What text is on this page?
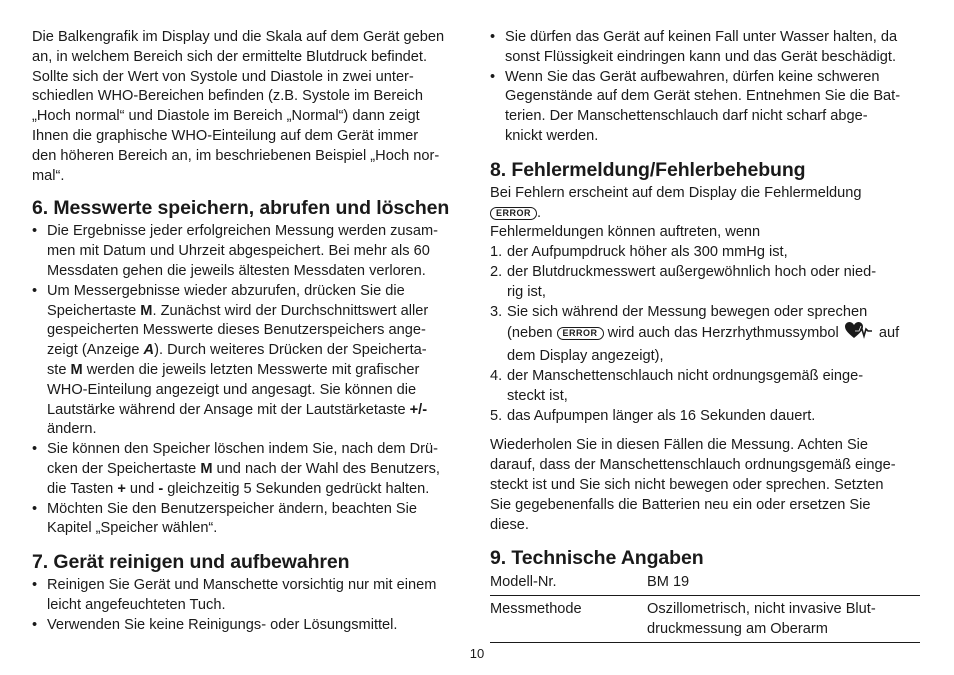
Die Balkengrafik im Display und die Skala auf dem Gerät geben
an, in welchem Bereich sich der ermittelte Blutdruck befindet.
Sollte sich der Wert von Systole und Diastole in zwei unter-
schiedlen WHO-Bereichen befinden (z.B. Systole im Bereich
„Hoch normal“ und Diastole im Bereich „Normal“) dann zeigt
Ihnen die graphische WHO-Einteilung auf dem Gerät immer
den höheren Bereich an, im beschriebenen Beispiel „Hoch nor-
mal“.

6. Messwerte speichern, abrufen und löschen
• Die Ergebnisse jeder erfolgreichen Messung werden zusam-
men mit Datum und Uhrzeit abgespeichert. Bei mehr als 60
Messdaten gehen die jeweils ältesten Messdaten verloren.
• Um Messergebnisse wieder abzurufen, drücken Sie die
Speichertaste M. Zunächst wird der Durchschnittswert aller
gespeicherten Messwerte dieses Benutzerspeichers ange-
zeigt (Anzeige A). Durch weiteres Drücken der Speicherta-
ste M werden die jeweils letzten Messwerte mit grafischer
WHO-Einteilung angezeigt und angesagt. Sie können die
Lautstärke während der Ansage mit der Lautstärketaste +/-
ändern.
• Sie können den Speicher löschen indem Sie, nach dem Drü-
cken der Speichertaste M und nach der Wahl des Benutzers,
die Tasten + und - gleichzeitig 5 Sekunden gedrückt halten.
• Möchten Sie den Benutzerspeicher ändern, beachten Sie
Kapitel „Speicher wählen“.
7. Gerät reinigen und aufbewahren
• Reinigen Sie Gerät und Manschette vorsichtig nur mit einem
leicht angefeuchteten Tuch.
• Verwenden Sie keine Reinigungs- oder Lösungsmittel.
• Sie dürfen das Gerät auf keinen Fall unter Wasser halten, da
sonst Flüssigkeit eindringen kann und das Gerät beschädigt.
• Wenn Sie das Gerät aufbewahren, dürfen keine schweren
Gegenstände auf dem Gerät stehen. Entnehmen Sie die Bat-
terien. Der Manschettenschlauch darf nicht scharf abge-
knickt werden.
8. Fehlermeldung/Fehlerbehebung

Bei Fehlern erscheint auf dem Display die Fehlermeldung
ERROR .

Fehlermeldungen können auftreten, wenn

1. der Aufpumpdruck höher als 300 mmHg ist,
2. der Blutdruckmesswert außergewöhnlich hoch oder nied-
rig ist,
3. Sie sich während der Messung bewegen oder sprechen
(neben ERROR wird auch das Herzrhythmussymbol  auf
dem Display angezeigt),
4. der Manschettenschlauch nicht ordnungsgemäß einge-
steckt ist,
5. das Aufpumpen länger als 16 Sekunden dauert.

Wiederholen Sie in diesen Fällen die Messung. Achten Sie
darauf, dass der Manschettenschlauch ordnungsgemäß einge-
steckt ist und Sie sich nicht bewegen oder sprechen. Setzten
Sie gegebenenfalls die Batterien neu ein oder ersetzen Sie
diese.

9. Technische Angaben
Modell-Nr.	BM 19
Messmethode	Oszillometrisch, nicht invasive Blut-
druckmessung am Oberarm
10
